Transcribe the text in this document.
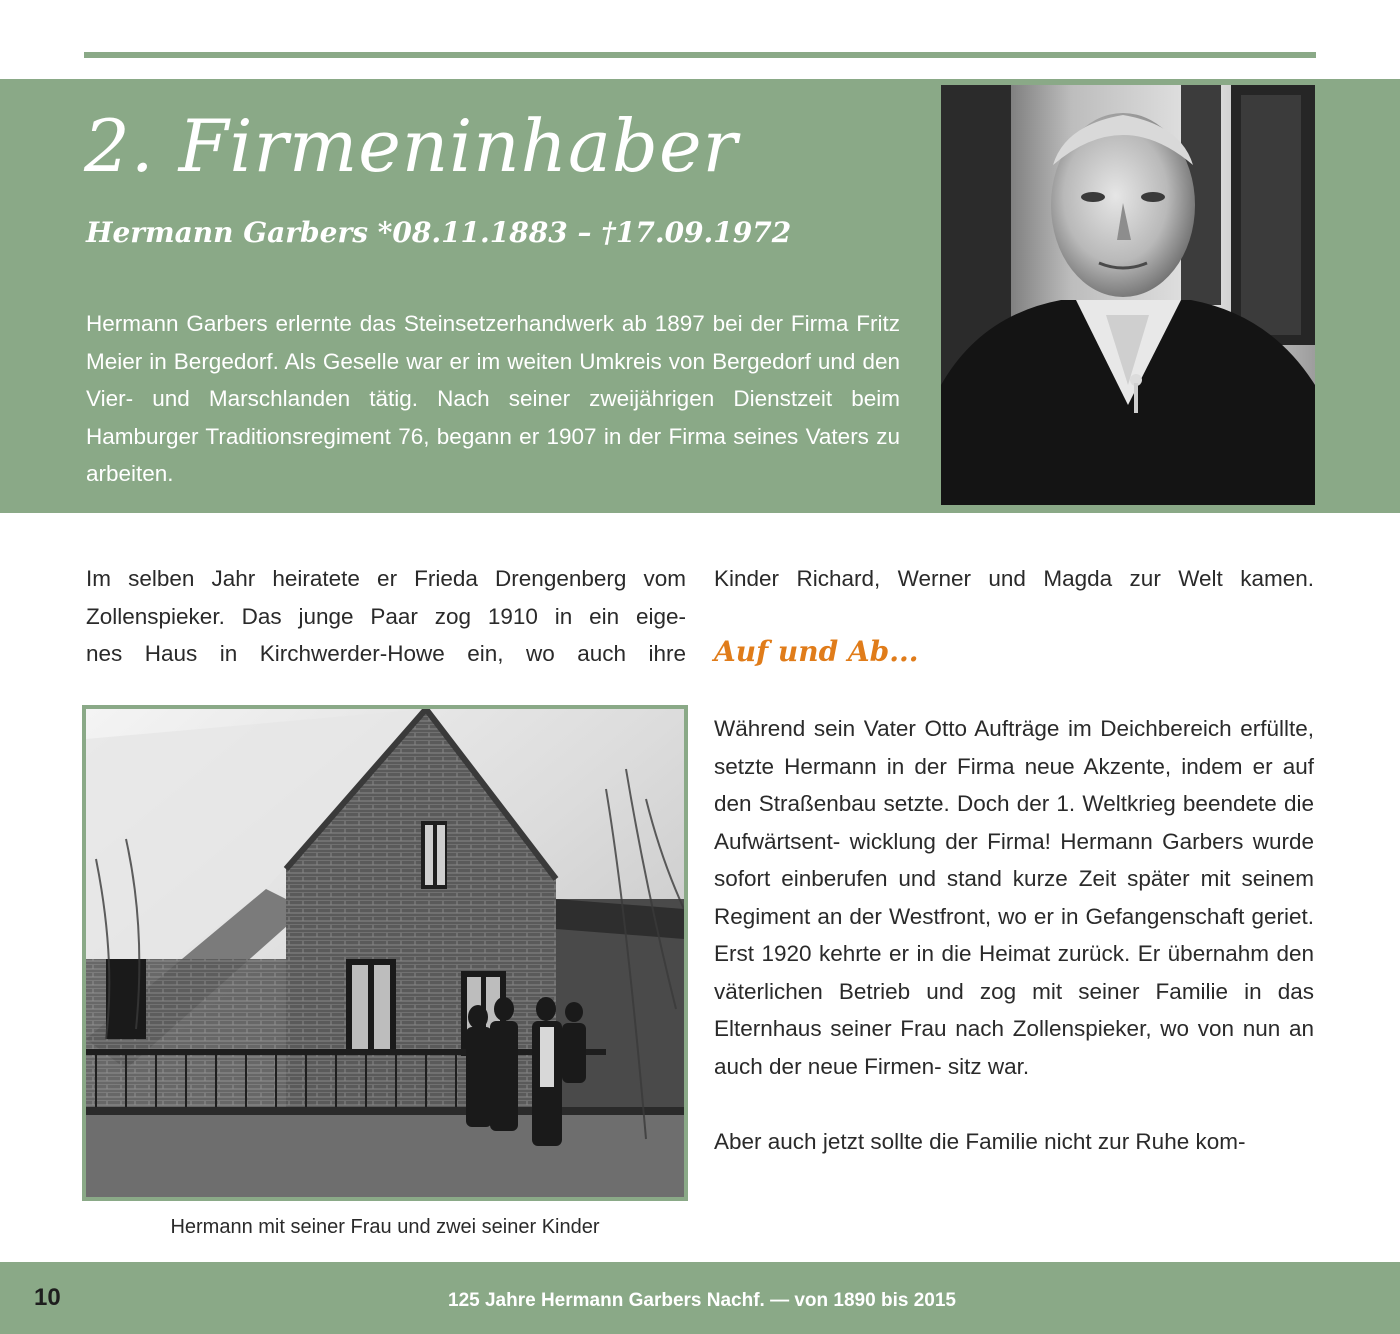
2. Firmeninhaber
Hermann Garbers *08.11.1883 – †17.09.1972

Hermann Garbers erlernte das Steinsetzerhandwerk ab 1897 bei der Firma Fritz Meier in Bergedorf. Als Geselle war er im weiten Umkreis von Bergedorf und den Vier- und Marschlanden tätig. Nach seiner zweijährigen Dienstzeit beim Hamburger Traditionsregiment 76, begann er 1907 in der Firma seines Vaters zu arbeiten.

Im selben Jahr heiratete er Frieda Drengenberg vom
Zollenspieker. Das junge Paar zog 1910 in ein eige-
nes Haus in Kirchwerder-Howe ein, wo auch ihre

Hermann mit seiner Frau und zwei seiner Kinder

Kinder Richard, Werner und Magda zur Welt kamen.

Auf und Ab...

Während sein Vater Otto Aufträge im Deichbereich erfüllte, setzte Hermann in der Firma neue Akzente, indem er auf den Straßenbau setzte. Doch der 1. Weltkrieg beendete die Aufwärtsent- wicklung der Firma! Hermann Garbers wurde sofort einberufen und stand kurze Zeit später mit seinem Regiment an der Westfront, wo er in Gefangenschaft geriet. Erst 1920 kehrte er in die Heimat zurück. Er übernahm den väterlichen Betrieb und zog mit seiner Familie in das Elternhaus seiner Frau nach Zollenspieker, wo von nun an auch der neue Firmen- sitz war.
Aber auch jetzt sollte die Familie nicht zur Ruhe kom-

10	125 Jahre Hermann Garbers Nachf. — von 1890 bis 2015
